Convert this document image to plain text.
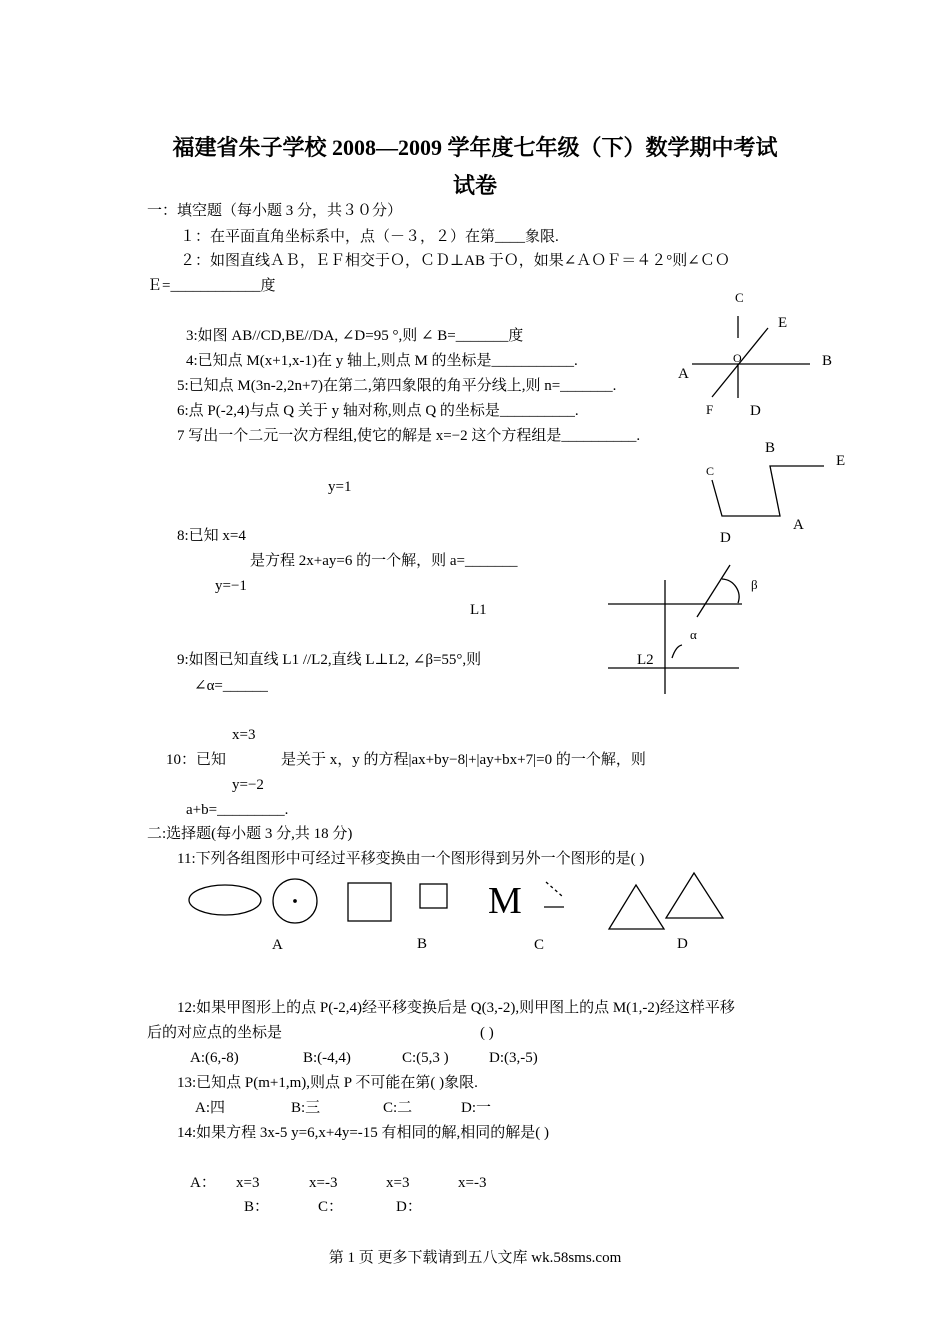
福建省朱子学校 2008—2009 学年度七年级（下）数学期中考试
试卷
一：填空题（每小题 3 分，共３０分）
１：在平面直角坐标系中，点（－３，２）在第____象限.
２：如图直线ＡＢ，ＥＦ相交于Ｏ，ＣＤ⊥AB 于Ｏ，如果∠ＡＯＦ＝４２°则∠ＣＯ
Ｅ=____________度
3:如图 AB//CD,BE//DA, ∠D=95 °,则 ∠ B=_______度
4:已知点 M(x+1,x-1)在 y 轴上,则点 M 的坐标是___________.
5:已知点 M(3n-2,2n+7)在第二,第四象限的角平分线上,则 n=_______.
6:点 P(-2,4)与点 Q 关于 y 轴对称,则点 Q 的坐标是__________.
7 写出一个二元一次方程组,使它的解是 x=−2 这个方程组是__________.
y=1
8:已知 x=4
是方程 2x+ay=6 的一个解，则 a=_______
y=−1
9:如图已知直线 L1 //L2,直线 L⊥L2, ∠β=55°,则
∠α=______
x=3
10：已知	是关于 x，y 的方程|ax+by−8|+|ay+bx+7|=0 的一个解，则
y=−2
a+b=_________.
二:选择题(每小题 3 分,共 18 分)
11:下列各组图形中可经过平移变换由一个图形得到另外一个图形的是( )
A	B	C	D
M
12:如果甲图形上的点 P(-2,4)经平移变换后是 Q(3,-2),则甲图上的点 M(1,-2)经这样平移
后的对应点的坐标是	( )
A:(6,-8)	B:(-4,4)	C:(5,3 )	D:(3,-5)
13:已知点 P(m+1,m),则点 P 不可能在第( )象限.
A:四	B:三	C:二	D:一
14:如果方程 3x-5 y=6,x+4y=-15 有相同的解,相同的解是( )
A： x=3	x=-3	x=3	x=-3
B：	C：	D：
C
E
A
O	B
F D
B
E
C
D
A
β
α
L1
L2
第 1 页 更多下载请到五八文库 wk.58sms.com
